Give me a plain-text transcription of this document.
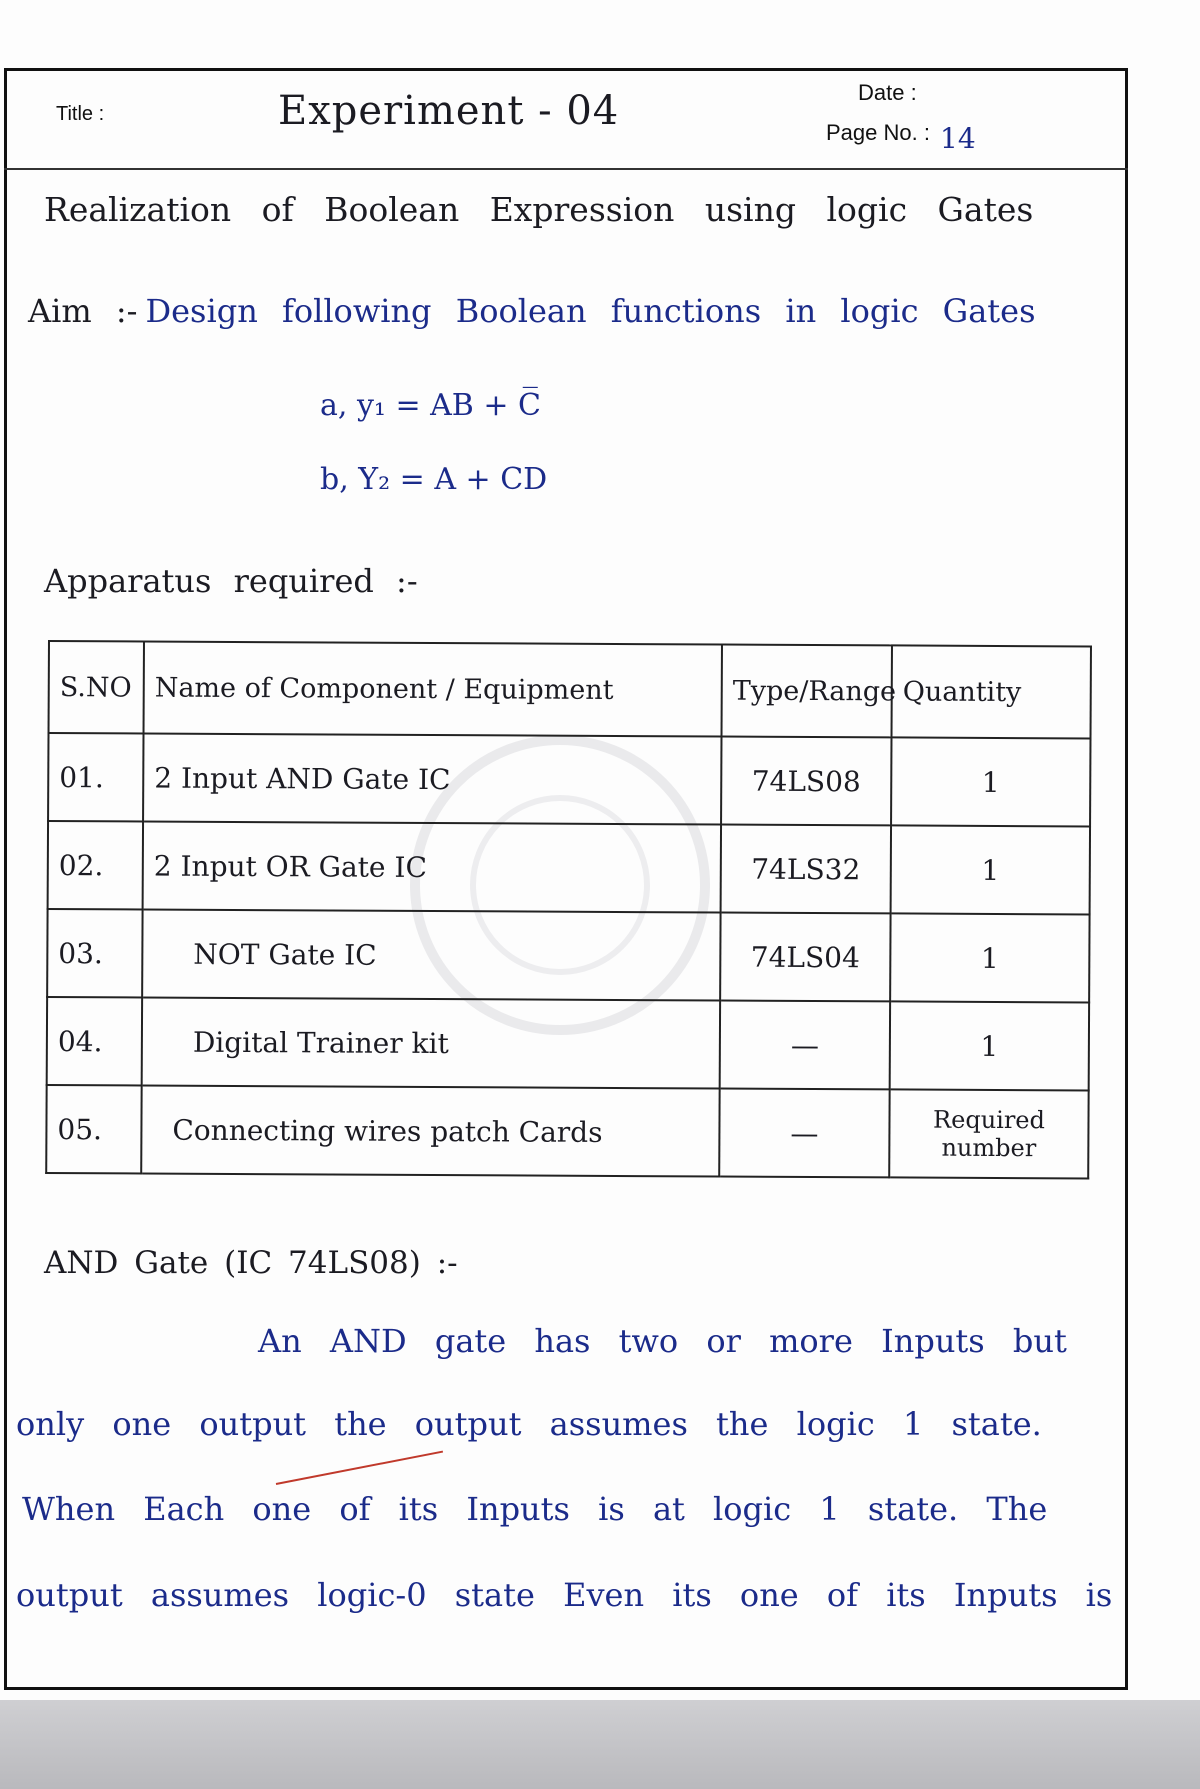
Title :	Experiment - 04	Date :
Page No. : 14
Realization of Boolean Expression using logic Gates
Aim :- Design following Boolean functions in logic Gates
a, y₁ = AB + C̅
b, Y₂ = A + CD
Apparatus required :-
S.NO	Name of Component / Equipment	Type/Range	Quantity
01.	2 Input AND Gate IC	74LS08	1
02.	2 Input OR Gate IC	74LS32	1
03.	NOT Gate IC	74LS04	1
04.	Digital Trainer kit	—	1
05.	Connecting wires patch Cards	—	Required number
AND Gate (IC 74LS08) :-
An AND gate has two or more Inputs but
only one output the output assumes the logic 1 state.
When Each one of its Inputs is at logic 1 state. The
output assumes logic-0 state Even its one of its Inputs is
